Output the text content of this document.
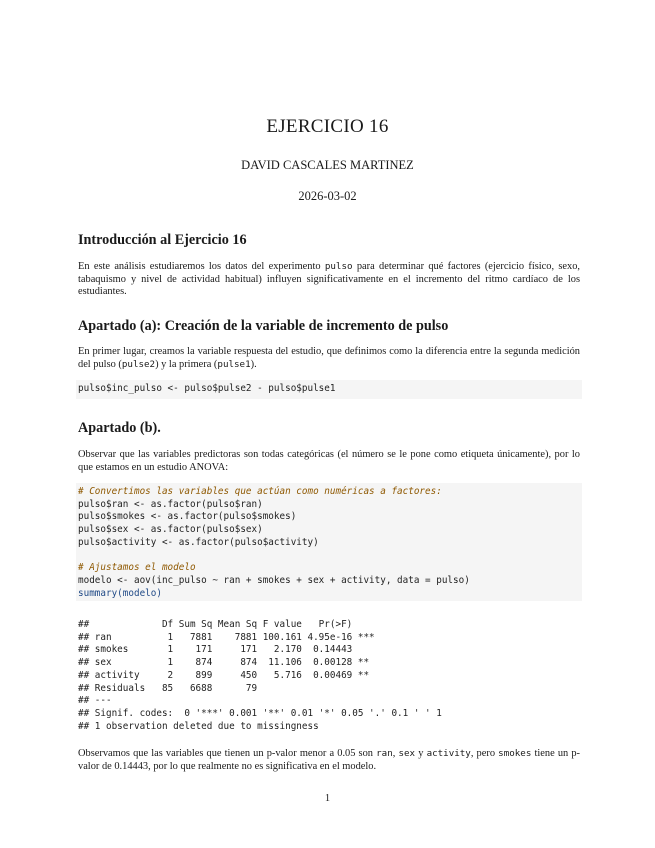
EJERCICIO 16
DAVID CASCALES MARTINEZ
2026-03-02
Introducción al Ejercicio 16
En este análisis estudiaremos los datos del experimento pulso para determinar qué factores (ejercicio físico, sexo, tabaquismo y nivel de actividad habitual) influyen significativamente en el incremento del ritmo cardíaco de los estudiantes.
Apartado (a): Creación de la variable de incremento de pulso
En primer lugar, creamos la variable respuesta del estudio, que definimos como la diferencia entre la segunda medición del pulso (pulse2) y la primera (pulse1).
pulso$inc_pulso <- pulso$pulse2 - pulso$pulse1
Apartado (b).
Observar que las variables predictoras son todas categóricas (el número se le pone como etiqueta únicamente), por lo que estamos en un estudio ANOVA:
# Convertimos las variables que actúan como numéricas a factores:
pulso$ran <- as.factor(pulso$ran)
pulso$smokes <- as.factor(pulso$smokes)
pulso$sex <- as.factor(pulso$sex)
pulso$activity <- as.factor(pulso$activity)

# Ajustamos el modelo
modelo <- aov(inc_pulso ~ ran + smokes + sex + activity, data = pulso)
summary(modelo)
##             Df Sum Sq Mean Sq F value   Pr(>F)
## ran          1   7881    7881 100.161 4.95e-16 ***
## smokes       1    171     171   2.170  0.14443
## sex          1    874     874  11.106  0.00128 **
## activity     2    899     450   5.716  0.00469 **
## Residuals   85   6688      79
## ---
## Signif. codes:  0 '***' 0.001 '**' 0.01 '*' 0.05 '.' 0.1 ' ' 1
## 1 observation deleted due to missingness
Observamos que las variables que tienen un p-valor menor a 0.05 son ran, sex y activity, pero smokes tiene un p-valor de 0.14443, por lo que realmente no es significativa en el modelo.
1
